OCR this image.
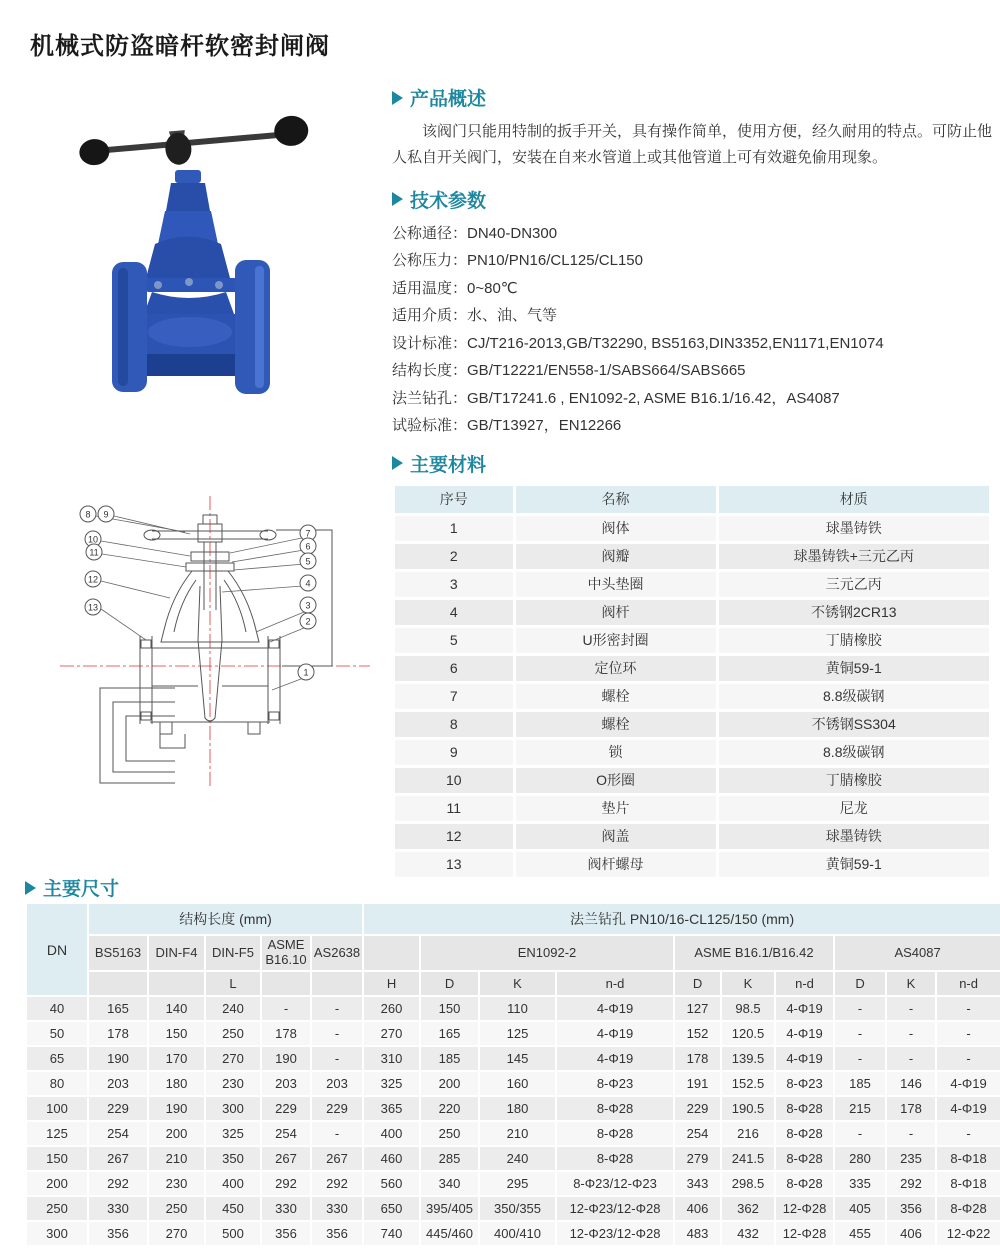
机械式防盗暗杆软密封闸阀
产品概述

该阀门只能用特制的扳手开关，具有操作简单，使用方便，经久耐用的特点。可防止他人私自开关阀门，安装在自来水管道上或其他管道上可有效避免偷用现象。

技术参数
公称通径：DN40-DN300
公称压力：PN10/PN16/CL125/CL150
适用温度：0~80℃
适用介质：水、油、气等
设计标准：CJ/T216-2013,GB/T32290, BS5163,DIN3352,EN1171,EN1074
结构长度：GB/T12221/EN558-1/SABS664/SABS665
法兰钻孔：GB/T17241.6 , EN1092-2, ASME B16.1/16.42，AS4087
试验标准：GB/T13927，EN12266
主要材料
序号	名称	材质
1	阀体	球墨铸铁
2	阀瓣	球墨铸铁+三元乙丙
3	中头垫圈	三元乙丙
4	阀杆	不锈钢2CR13
5	U形密封圈	丁腈橡胶
6	定位环	黄铜59-1
7	螺栓	8.8级碳钢
8	螺栓	不锈钢SS304
9	锁	8.8级碳钢
10	O形圈	丁腈橡胶
11	垫片	尼龙
12	阀盖	球墨铸铁
13	阀杆螺母	黄铜59-1
8 9
10
11
12
13
7
6
5
4
3
2
1
主要尺寸
DN	结构长度 (mm)					法兰钻孔 PN10/16-CL125/150 (mm)									
	BS5163	DIN-F4	DIN-F5	ASME B16.10	AS2638		EN1092-2			ASME B16.1/B16.42			AS4087		
			L			H	D	K	n-d	D	K	n-d	D	K	n-d
40	165	140	240	-	-	260	150	110	4-Φ19	127	98.5	4-Φ19	-	-	-
50	178	150	250	178	-	270	165	125	4-Φ19	152	120.5	4-Φ19	-	-	-
65	190	170	270	190	-	310	185	145	4-Φ19	178	139.5	4-Φ19	-	-	-
80	203	180	230	203	203	325	200	160	8-Φ23	191	152.5	8-Φ23	185	146	4-Φ19
100	229	190	300	229	229	365	220	180	8-Φ28	229	190.5	8-Φ28	215	178	4-Φ19
125	254	200	325	254	-	400	250	210	8-Φ28	254	216	8-Φ28	-	-	-
150	267	210	350	267	267	460	285	240	8-Φ28	279	241.5	8-Φ28	280	235	8-Φ18
200	292	230	400	292	292	560	340	295	8-Φ23/12-Φ23	343	298.5	8-Φ28	335	292	8-Φ18
250	330	250	450	330	330	650	395/405	350/355	12-Φ23/12-Φ28	406	362	12-Φ28	405	356	8-Φ28
300	356	270	500	356	356	740	445/460	400/410	12-Φ23/12-Φ28	483	432	12-Φ28	455	406	12-Φ22
